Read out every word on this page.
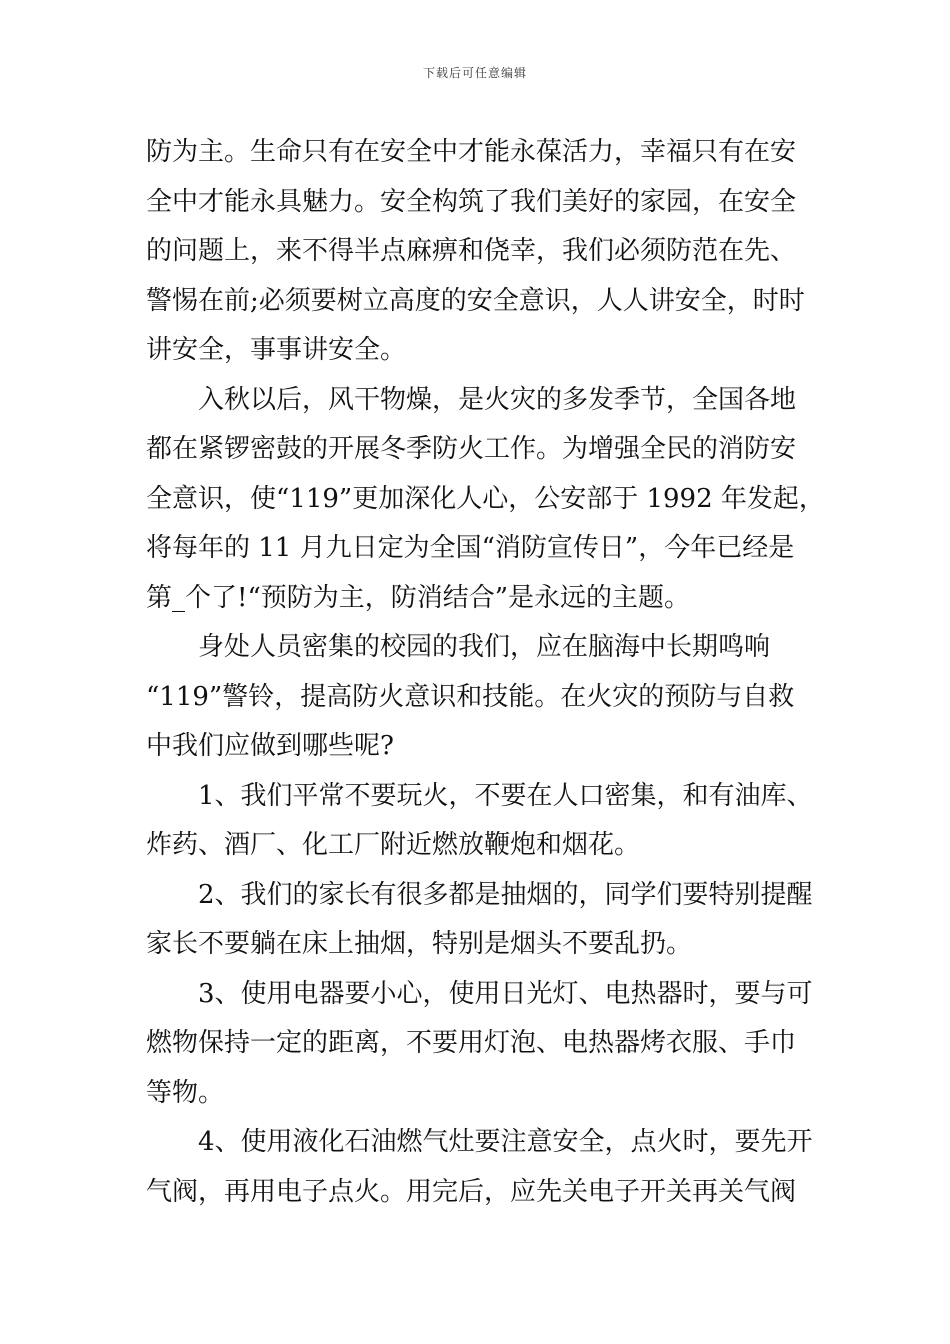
下载后可任意编辑
防为主。生命只有在安全中才能永葆活力，幸福只有在安
全中才能永具魅力。安全构筑了我们美好的家园，在安全
的问题上，来不得半点麻痹和侥幸，我们必须防范在先、
警惕在前;必须要树立高度的安全意识，人人讲安全，时时
讲安全，事事讲安全。
入秋以后，风干物燥，是火灾的多发季节，全国各地
都在紧锣密鼓的开展冬季防火工作。为增强全民的消防安
全意识，使“119”更加深化人心，公安部于 1992 年发起，
将每年的 11 月九日定为全国“消防宣传日”，今年已经是
第_个了!“预防为主，防消结合”是永远的主题。
身处人员密集的校园的我们，应在脑海中长期鸣响
“119”警铃，提高防火意识和技能。在火灾的预防与自救
中我们应做到哪些呢?
1、我们平常不要玩火，不要在人口密集，和有油库、
炸药、酒厂、化工厂附近燃放鞭炮和烟花。
2、我们的家长有很多都是抽烟的，同学们要特别提醒
家长不要躺在床上抽烟，特别是烟头不要乱扔。
3、使用电器要小心，使用日光灯、电热器时，要与可
燃物保持一定的距离，不要用灯泡、电热器烤衣服、手巾
等物。
4、使用液化石油燃气灶要注意安全，点火时，要先开
气阀，再用电子点火。用完后，应先关电子开关再关气阀
